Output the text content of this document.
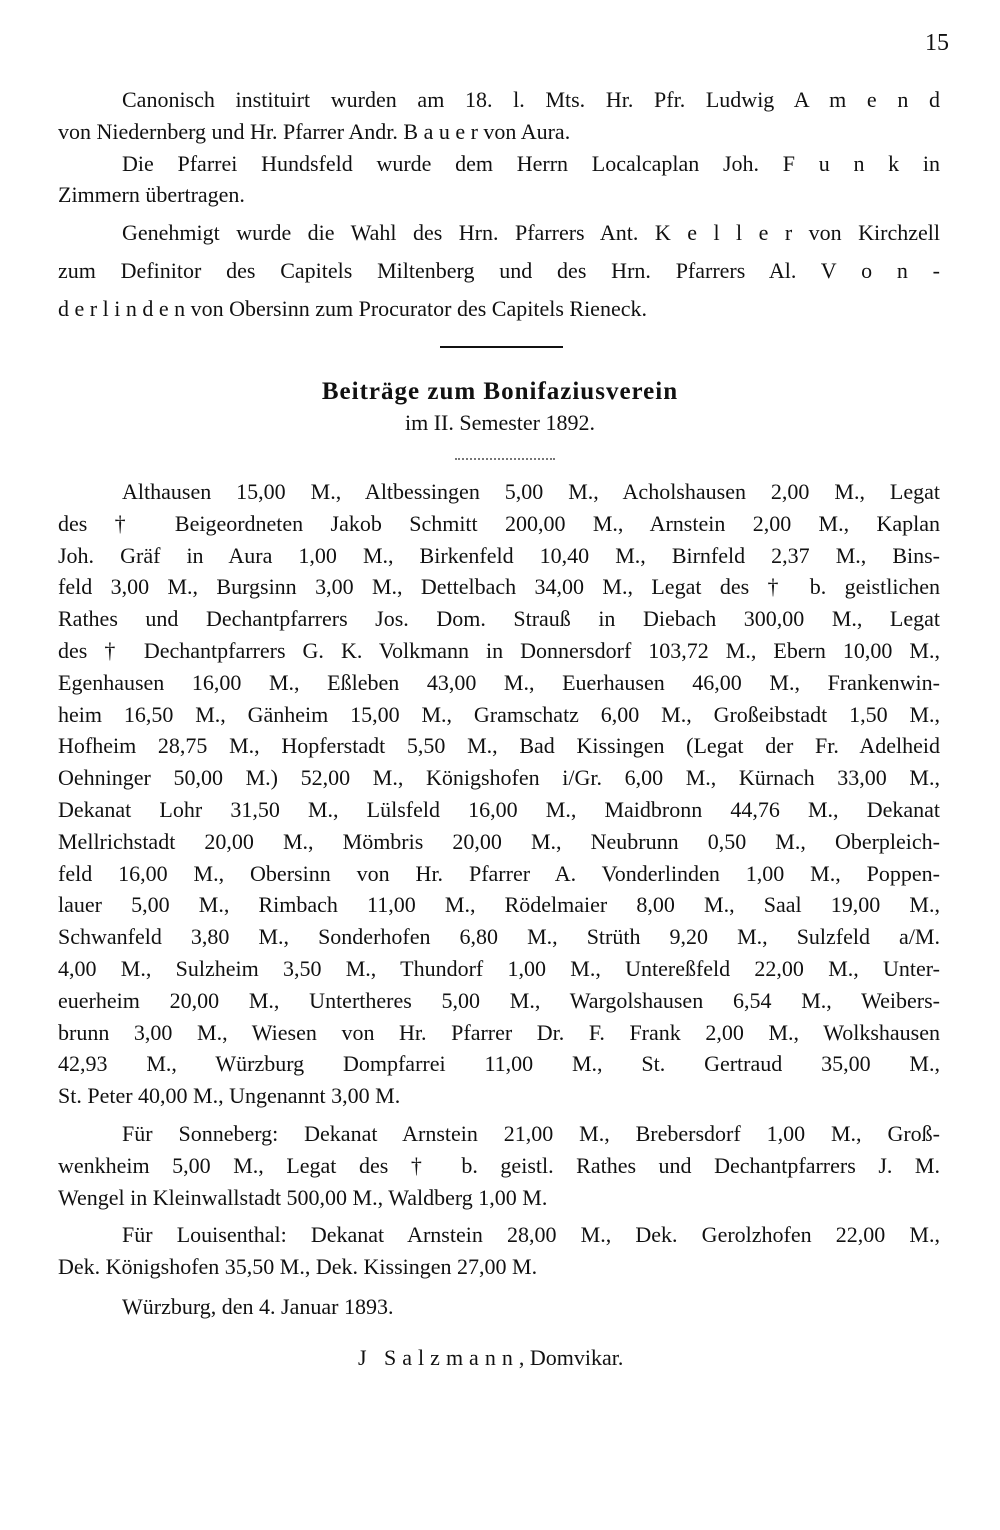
15
Canonisch instituirt wurden am 18. l. Mts. Hr. Pfr. Ludwig A m e n d
von Niedernberg und Hr. Pfarrer Andr. B a u e r von Aura.
Die Pfarrei Hundsfeld wurde dem Herrn Localcaplan Joh. F u n k in
Zimmern übertragen.
Genehmigt wurde die Wahl des Hrn. Pfarrers Ant. K e l l e r von Kirchzell
zum Definitor des Capitels Miltenberg und des Hrn. Pfarrers Al. V o n -
d e r l i n d e n von Obersinn zum Procurator des Capitels Rieneck.
Beiträge zum Bonifaziusverein
im II. Semester 1892.
Althausen 15,00 M., Altbessingen 5,00 M., Acholshausen 2,00 M., Legat
des † Beigeordneten Jakob Schmitt 200,00 M., Arnstein 2,00 M., Kaplan
Joh. Gräf in Aura 1,00 M., Birkenfeld 10,40 M., Birnfeld 2,37 M., Bins-
feld 3,00 M., Burgsinn 3,00 M., Dettelbach 34,00 M., Legat des † b. geistlichen
Rathes und Dechantpfarrers Jos. Dom. Strauß in Diebach 300,00 M., Legat
des † Dechantpfarrers G. K. Volkmann in Donnersdorf 103,72 M., Ebern 10,00 M.,
Egenhausen 16,00 M., Eßleben 43,00 M., Euerhausen 46,00 M., Frankenwin-
heim 16,50 M., Gänheim 15,00 M., Gramschatz 6,00 M., Großeibstadt 1,50 M.,
Hofheim 28,75 M., Hopferstadt 5,50 M., Bad Kissingen (Legat der Fr. Adelheid
Oehninger 50,00 M.) 52,00 M., Königshofen i/Gr. 6,00 M., Kürnach 33,00 M.,
Dekanat Lohr 31,50 M., Lülsfeld 16,00 M., Maidbronn 44,76 M., Dekanat
Mellrichstadt 20,00 M., Mömbris 20,00 M., Neubrunn 0,50 M., Oberpleich-
feld 16,00 M., Obersinn von Hr. Pfarrer A. Vonderlinden 1,00 M., Poppen-
lauer 5,00 M., Rimbach 11,00 M., Rödelmaier 8,00 M., Saal 19,00 M.,
Schwanfeld 3,80 M., Sonderhofen 6,80 M., Strüth 9,20 M., Sulzfeld a/M.
4,00 M., Sulzheim 3,50 M., Thundorf 1,00 M., Untereßfeld 22,00 M., Unter-
euerheim 20,00 M., Untertheres 5,00 M., Wargolshausen 6,54 M., Weibers-
brunn 3,00 M., Wiesen von Hr. Pfarrer Dr. F. Frank 2,00 M., Wolkshausen
42,93 M., Würzburg Dompfarrei 11,00 M., St. Gertraud 35,00 M.,
St. Peter 40,00 M., Ungenannt 3,00 M.
Für Sonneberg: Dekanat Arnstein 21,00 M., Brebersdorf 1,00 M., Groß-
wenkheim 5,00 M., Legat des † b. geistl. Rathes und Dechantpfarrers J. M.
Wengel in Kleinwallstadt 500,00 M., Waldberg 1,00 M.
Für Louisenthal: Dekanat Arnstein 28,00 M., Dek. Gerolzhofen 22,00 M.,
Dek. Königshofen 35,50 M., Dek. Kissingen 27,00 M.
Würzburg, den 4. Januar 1893.
J Salzmann, Domvikar.
